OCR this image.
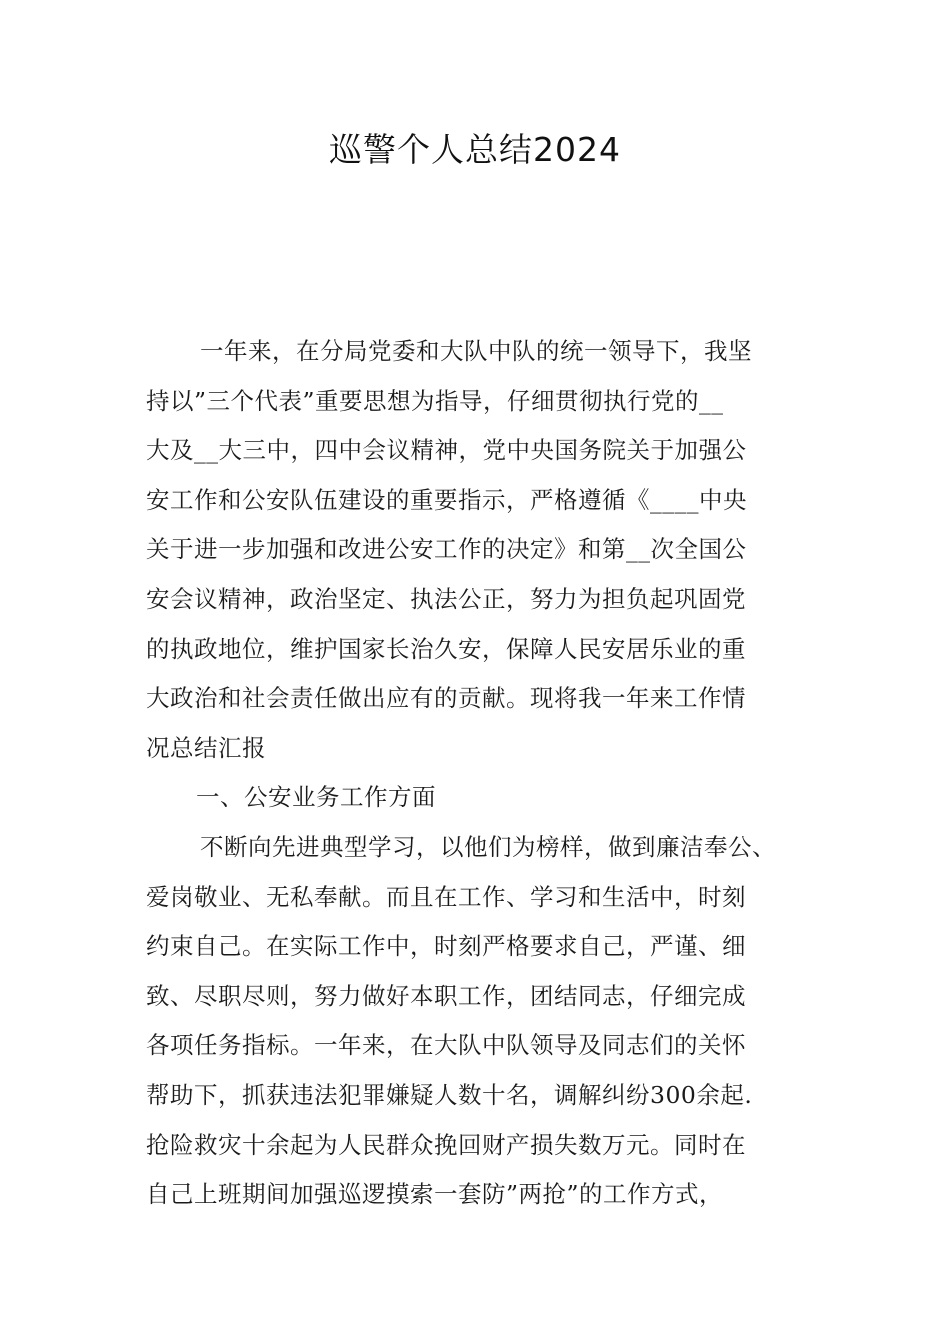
巡警个人总结2024
一年来，在分局党委和大队中队的统一领导下，我坚
持以”三个代表”重要思想为指导，仔细贯彻执行党的__
大及__大三中，四中会议精神，党中央国务院关于加强公
安工作和公安队伍建设的重要指示，严格遵循《____中央
关于进一步加强和改进公安工作的决定》和第__次全国公
安会议精神，政治坚定、执法公正，努力为担负起巩固党
的执政地位，维护国家长治久安，保障人民安居乐业的重
大政治和社会责任做出应有的贡献。现将我一年来工作情
况总结汇报
一、公安业务工作方面
不断向先进典型学习，以他们为榜样，做到廉洁奉公、
爱岗敬业、无私奉献。而且在工作、学习和生活中，时刻
约束自己。在实际工作中，时刻严格要求自己，严谨、细
致、尽职尽则，努力做好本职工作，团结同志，仔细完成
各项任务指标。一年来，在大队中队领导及同志们的关怀
帮助下，抓获违法犯罪嫌疑人数十名，调解纠纷300余起.
抢险救灾十余起为人民群众挽回财产损失数万元。同时在
自己上班期间加强巡逻摸索一套防”两抢”的工作方式，
